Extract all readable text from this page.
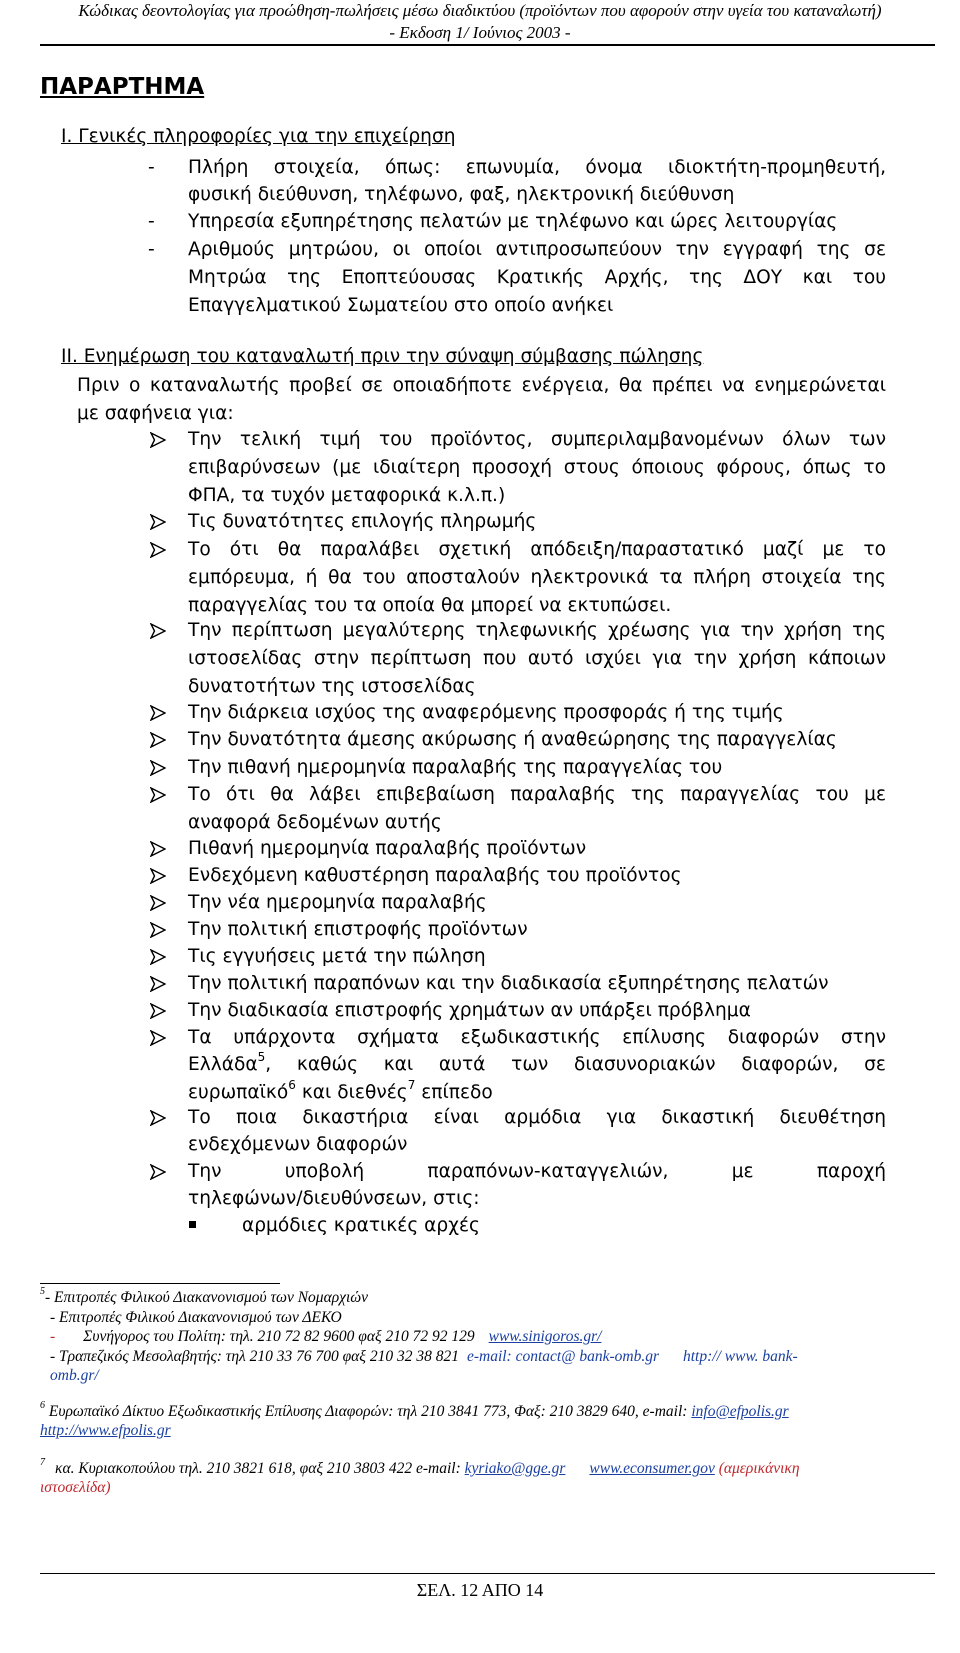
Κώδικας δεοντολογίας για προώθηση-πωλήσεις μέσω διαδικτύου (προϊόντων που αφορούν στην υγεία του καταναλωτή)
- Εκδοση 1/ Ιούνιος 2003 -
ΠΑΡΑΡΤΗΜΑ
Ι. Γενικές πληροφορίες για την επιχείρηση
- Πλήρη στοιχεία, όπως: επωνυμία, όνομα ιδιοκτήτη-προμηθευτή,
φυσική διεύθυνση, τηλέφωνο, φαξ, ηλεκτρονική διεύθυνση
- Υπηρεσία εξυπηρέτησης πελατών με τηλέφωνο και ώρες λειτουργίας
- Αριθμούς μητρώου, οι οποίοι αντιπροσωπεύουν την εγγραφή της σε
Μητρώα της Εποπτεύουσας Κρατικής Αρχής, της ΔΟΥ και του
Επαγγελματικού Σωματείου στο οποίο ανήκει
ΙΙ. Ενημέρωση του καταναλωτή πριν την σύναψη σύμβασης πώλησης
Πριν ο καταναλωτής προβεί σε οποιαδήποτε ενέργεια, θα πρέπει να ενημερώνεται
με σαφήνεια για:
Την τελική τιμή του προϊόντος, συμπεριλαμβανομένων όλων των
επιβαρύνσεων (με ιδιαίτερη προσοχή στους όποιους φόρους, όπως το
ΦΠΑ, τα τυχόν μεταφορικά κ.λ.π.)
Τις δυνατότητες επιλογής πληρωμής
Το ότι θα παραλάβει σχετική απόδειξη/παραστατικό μαζί με το
εμπόρευμα, ή θα του αποσταλούν ηλεκτρονικά τα πλήρη στοιχεία της
παραγγελίας του τα οποία θα μπορεί να εκτυπώσει.
Την περίπτωση μεγαλύτερης τηλεφωνικής χρέωσης για την χρήση της
ιστοσελίδας στην περίπτωση που αυτό ισχύει για την χρήση κάποιων
δυνατοτήτων της ιστοσελίδας
Την διάρκεια ισχύος της αναφερόμενης προσφοράς ή της τιμής
Την δυνατότητα άμεσης ακύρωσης ή αναθεώρησης της παραγγελίας
Την πιθανή ημερομηνία παραλαβής της παραγγελίας του
Το ότι θα λάβει επιβεβαίωση παραλαβής της παραγγελίας του με
αναφορά δεδομένων αυτής
Πιθανή ημερομηνία παραλαβής προϊόντων
Ενδεχόμενη καθυστέρηση παραλαβής του προϊόντος
Την νέα ημερομηνία παραλαβής
Την πολιτική επιστροφής προϊόντων
Τις εγγυήσεις μετά την πώληση
Την πολιτική παραπόνων και την διαδικασία εξυπηρέτησης πελατών
Την διαδικασία επιστροφής χρημάτων αν υπάρξει πρόβλημα
Τα υπάρχοντα σχήματα εξωδικαστικής επίλυσης διαφορών στην
Ελλάδα$^5$, καθώς και αυτά των διασυνοριακών διαφορών, σε
ευρωπαϊκό$^6$ και διεθνές$^7$ επίπεδο
Το ποια δικαστήρια είναι αρμόδια για δικαστική διευθέτηση
ενδεχόμενων διαφορών
Την υποβολή παραπόνων-καταγγελιών, με παροχή
τηλεφώνων/διευθύνσεων, στις:
αρμόδιες κρατικές αρχές
$^5$- Επιτροπές Φιλικού Διακανονισμού των Νομαρχιών
- Επιτροπές Φιλικού Διακανονισμού των ΔΕΚΟ
- Συνήγορος του Πολίτη: τηλ. 210 72 82 9600 φαξ 210 72 92 129 www.sinigoros.gr/
- Τραπεζικός Μεσολαβητής: τηλ 210 33 76 700 φαξ 210 32 38 821 e-mail: contact@ bank-omb.gr http:// www. bank-
omb.gr/
$^6$ Ευρωπαϊκό Δίκτυο Εξωδικαστικής Επίλυσης Διαφορών: τηλ 210 3841 773, Φαξ: 210 3829 640, e-mail: info@efpolis.gr
http://www.efpolis.gr
$^7$ κα. Κυριακοπούλου τηλ. 210 3821 618, φαξ 210 3803 422 e-mail: kyriako@gge.gr www.econsumer.gov (αμερικάνικη
ιστοσελίδα)
ΣΕΛ. 12 ΑΠΟ 14
